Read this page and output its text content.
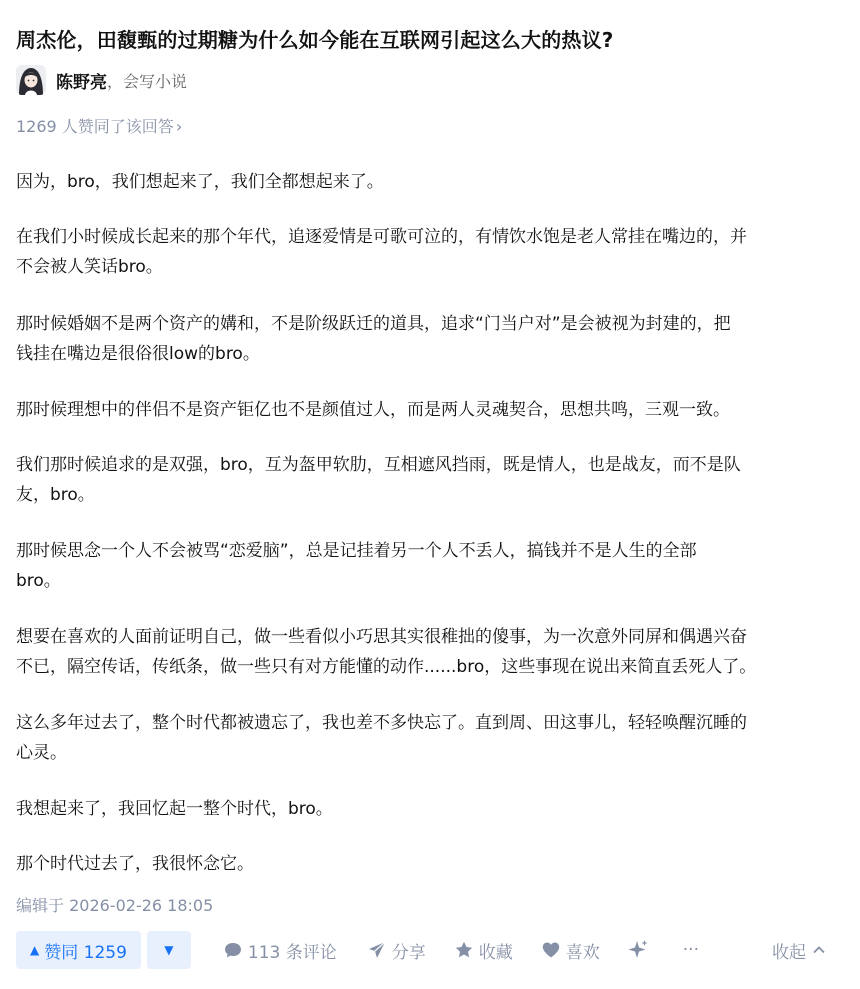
周杰伦，田馥甄的过期糖为什么如今能在互联网引起这么大的热议?
陈野亮 ， 会写小说
1269 人赞同了该回答 ›

因为，bro，我们想起来了，我们全都想起来了。

在我们小时候成长起来的那个年代，追逐爱情是可歌可泣的，有情饮水饱是老人常挂在嘴边的，并
不会被人笑话bro。

那时候婚姻不是两个资产的媾和，不是阶级跃迁的道具，追求“门当户对”是会被视为封建的，把
钱挂在嘴边是很俗很low的bro。

那时候理想中的伴侣不是资产钜亿也不是颜值过人，而是两人灵魂契合，思想共鸣，三观一致。

我们那时候追求的是双强，bro，互为盔甲软肋，互相遮风挡雨，既是情人，也是战友，而不是队
友，bro。

那时候思念一个人不会被骂“恋爱脑”，总是记挂着另一个人不丢人，搞钱并不是人生的全部
bro。

想要在喜欢的人面前证明自己，做一些看似小巧思其实很稚拙的傻事，为一次意外同屏和偶遇兴奋
不已，隔空传话，传纸条，做一些只有对方能懂的动作......bro，这些事现在说出来简直丢死人了。

这么多年过去了，整个时代都被遗忘了，我也差不多快忘了。直到周、田这事儿，轻轻唤醒沉睡的
心灵。

我想起来了，我回忆起一整个时代，bro。

那个时代过去了，我很怀念它。

编辑于 2026-02-26 18:05
▲ 赞同 1259	▼	113 条评论	分享	收藏	喜欢	···	收起
